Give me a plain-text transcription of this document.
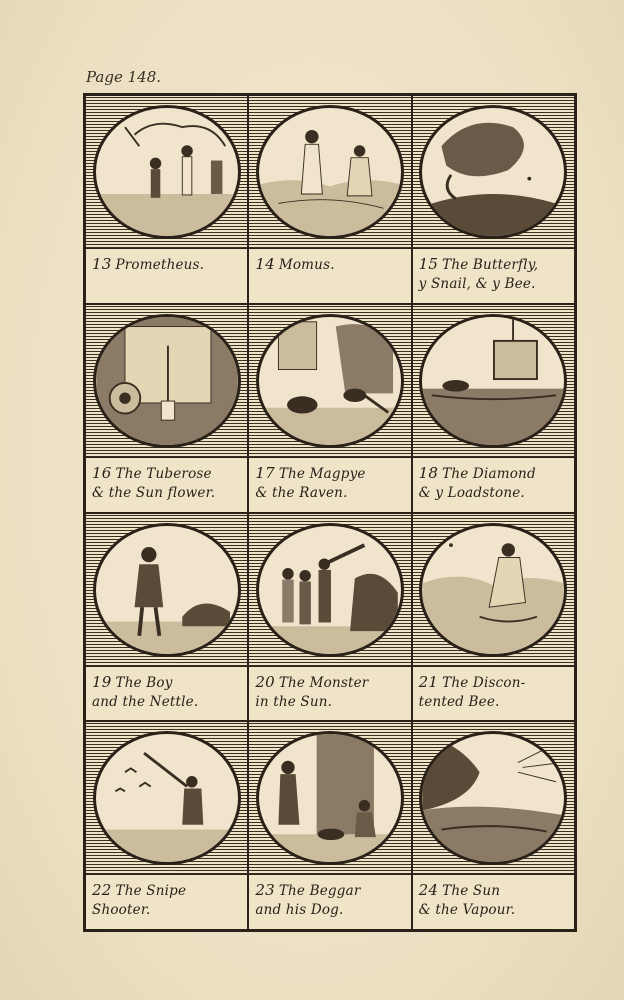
Page 148.
13 Prometheus.	14 Momus.	15 The Butterfly,
y Snail, & y Bee.
16 The Tuberose
& the Sun flower.
17 The Magpye
& the Raven.
18 The Diamond
& y Loadstone.
19 The Boy
and the Nettle.
20 The Monster
in the Sun.
21 The Discon-
tented Bee.
22 The Snipe
Shooter.
23 The Beggar
and his Dog.
24 The Sun
& the Vapour.
